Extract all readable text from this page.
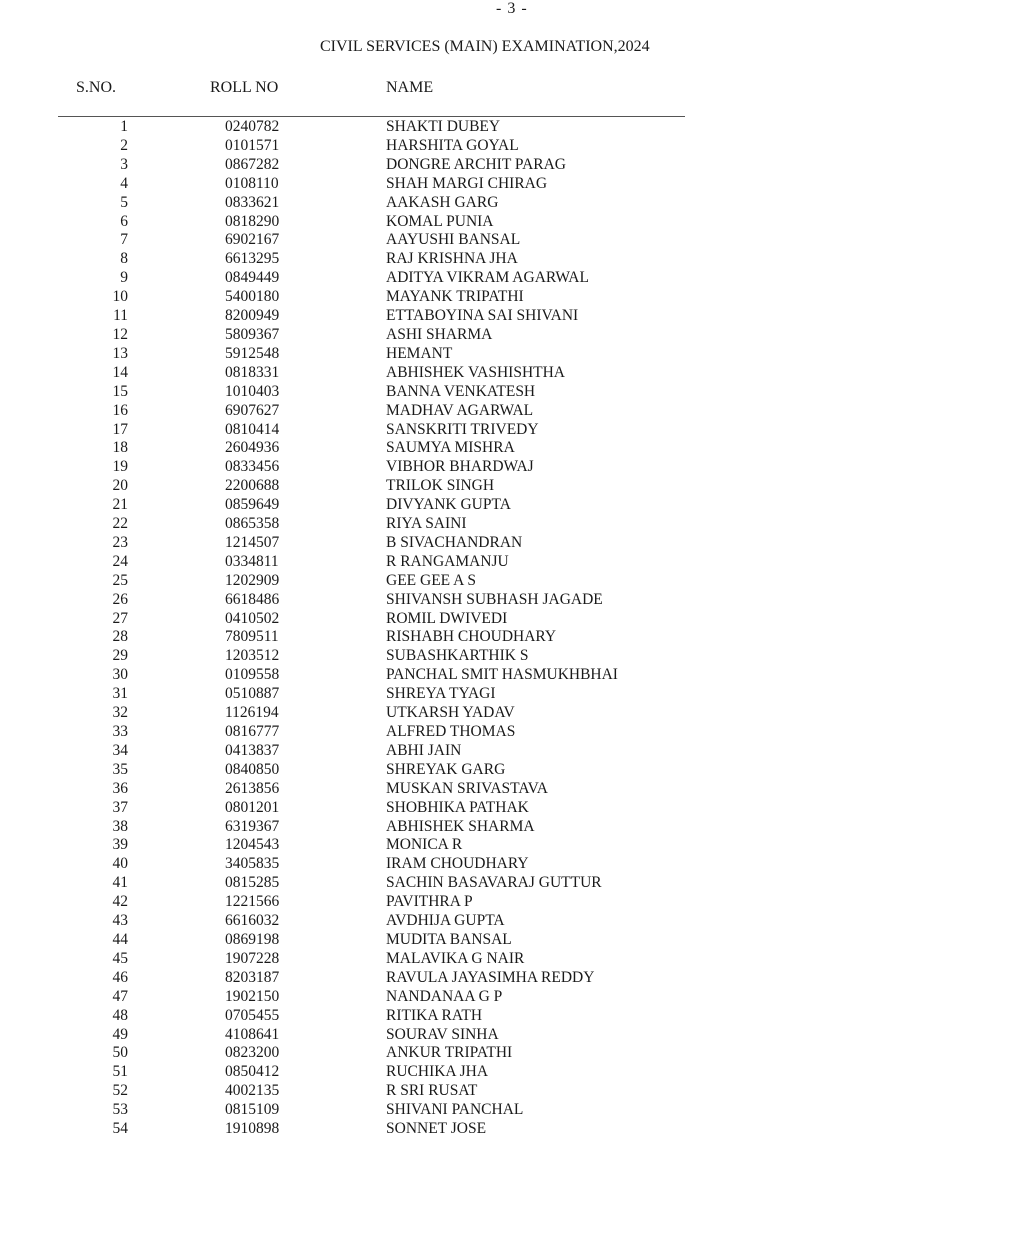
- 3 -
CIVIL SERVICES (MAIN) EXAMINATION,2024
S.NO.	ROLL NO	NAME
1	0240782	SHAKTI DUBEY
2	0101571	HARSHITA GOYAL
3	0867282	DONGRE ARCHIT PARAG
4	0108110	SHAH MARGI CHIRAG
5	0833621	AAKASH GARG
6	0818290	KOMAL PUNIA
7	6902167	AAYUSHI BANSAL
8	6613295	RAJ KRISHNA JHA
9	0849449	ADITYA VIKRAM AGARWAL
10	5400180	MAYANK TRIPATHI
11	8200949	ETTABOYINA SAI SHIVANI
12	5809367	ASHI SHARMA
13	5912548	HEMANT
14	0818331	ABHISHEK VASHISHTHA
15	1010403	BANNA VENKATESH
16	6907627	MADHAV AGARWAL
17	0810414	SANSKRITI TRIVEDY
18	2604936	SAUMYA MISHRA
19	0833456	VIBHOR BHARDWAJ
20	2200688	TRILOK SINGH
21	0859649	DIVYANK GUPTA
22	0865358	RIYA SAINI
23	1214507	B SIVACHANDRAN
24	0334811	R RANGAMANJU
25	1202909	GEE GEE A S
26	6618486	SHIVANSH SUBHASH JAGADE
27	0410502	ROMIL DWIVEDI
28	7809511	RISHABH CHOUDHARY
29	1203512	SUBASHKARTHIK S
30	0109558	PANCHAL SMIT HASMUKHBHAI
31	0510887	SHREYA TYAGI
32	1126194	UTKARSH YADAV
33	0816777	ALFRED THOMAS
34	0413837	ABHI JAIN
35	0840850	SHREYAK GARG
36	2613856	MUSKAN SRIVASTAVA
37	0801201	SHOBHIKA PATHAK
38	6319367	ABHISHEK SHARMA
39	1204543	MONICA R
40	3405835	IRAM CHOUDHARY
41	0815285	SACHIN BASAVARAJ GUTTUR
42	1221566	PAVITHRA P
43	6616032	AVDHIJA GUPTA
44	0869198	MUDITA BANSAL
45	1907228	MALAVIKA G NAIR
46	8203187	RAVULA JAYASIMHA REDDY
47	1902150	NANDANAA G P
48	0705455	RITIKA RATH
49	4108641	SOURAV SINHA
50	0823200	ANKUR TRIPATHI
51	0850412	RUCHIKA JHA
52	4002135	R SRI RUSAT
53	0815109	SHIVANI PANCHAL
54	1910898	SONNET JOSE
